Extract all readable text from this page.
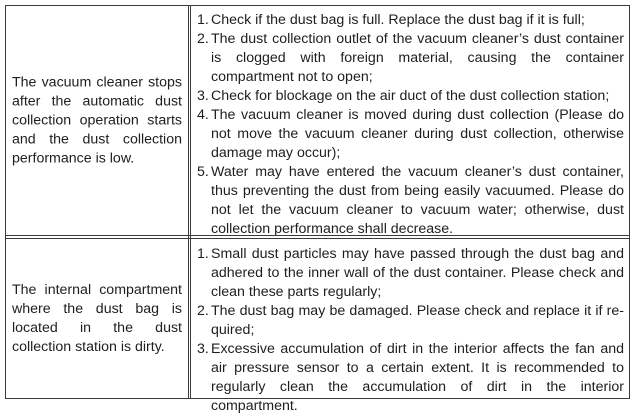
The vacuum cleaner stops after the automatic dust collection operation starts and the dust collection performance is low.
1. Check if the dust bag is full. Replace the dust bag if it is full;
2. The dust collection outlet of the vacuum cleaner’s dust container is clogged with foreign material, causing the container compartment not to open;
3. Check for blockage on the air duct of the dust collection station;
4. The vacuum cleaner is moved during dust collection (Please do not move the vacuum cleaner during dust collection, otherwise damage may occur);
5. Water may have entered the vacuum cleaner’s dust container, thus preventing the dust from being easily vacuumed. Please do not let the vacuum cleaner to vacuum water; otherwise, dust collection performance shall decrease.
The internal compartment where the dust bag is located in the dust collection station is dirty.
1. Small dust particles may have passed through the dust bag and adhered to the inner wall of the dust container. Please check and clean these parts regularly;
2. The dust bag may be damaged. Please check and replace it if required;
3. Excessive accumulation of dirt in the interior affects the fan and air pressure sensor to a certain extent. It is recommended to regularly clean the accumulation of dirt in the interior compartment.
